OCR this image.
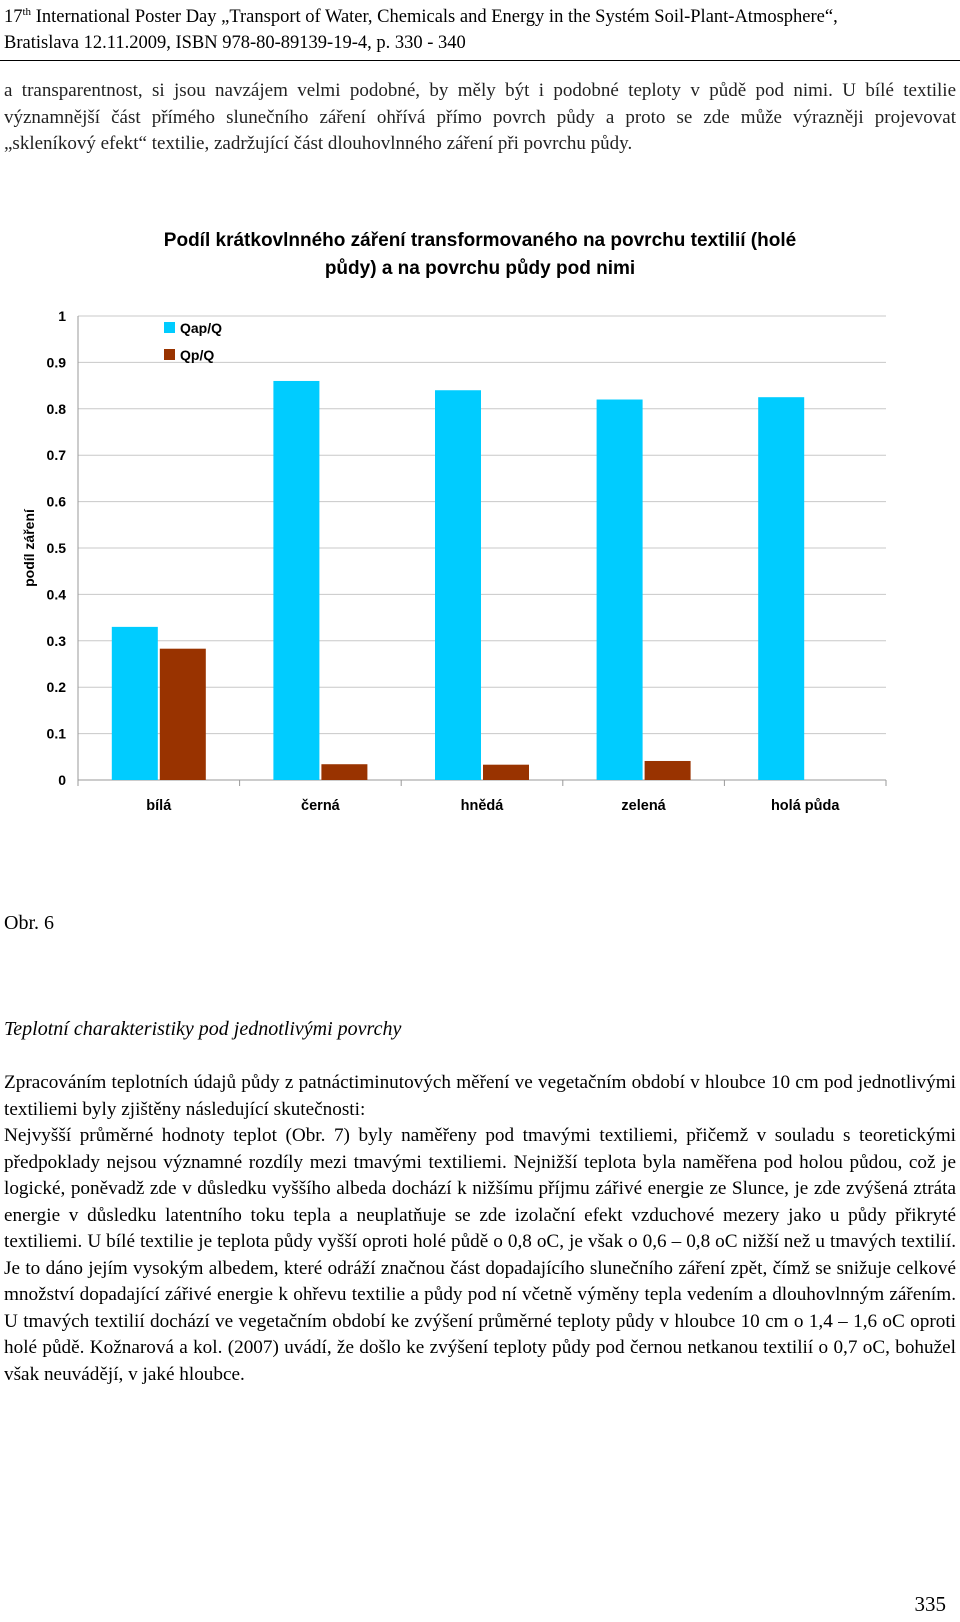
17th International Poster Day „Transport of Water, Chemicals and Energy in the Systém Soil-Plant-Atmosphere“,
Bratislava 12.11.2009, ISBN 978-80-89139-19-4, p. 330 - 340

a transparentnost, si jsou navzájem velmi podobné, by měly být i podobné teploty v půdě pod nimi. U bílé textilie významnější část přímého slunečního záření ohřívá přímo povrch půdy a proto se zde může výrazněji projevovat „skleníkový efekt“ textilie, zadržující část dlouhovlnného záření při povrchu půdy.

Podíl krátkovlnného záření transformovaného na povrchu textilií (holé
půdy) a na povrchu půdy pod nimi
podíl záření
0
0.1
0.2
0.3
0.4
0.5
0.6
0.7
0.8
0.9
1
bílá	černá	hnědá	zelená	holá půda
Qap/Q
Qp/Q
Obr. 6
Teplotní charakteristiky pod jednotlivými povrchy
Zpracováním teplotních údajů půdy z patnáctiminutových měření ve vegetačním období v hloubce 10 cm pod jednotlivými textiliemi byly zjištěny následující skutečnosti:
Nejvyšší průměrné hodnoty teplot (Obr. 7) byly naměřeny pod tmavými textiliemi, přičemž v souladu s teoretickými předpoklady nejsou významné rozdíly mezi tmavými textiliemi. Nejnižší teplota byla naměřena pod holou půdou, což je logické, poněvadž zde v důsledku vyššího albeda dochází k nižšímu příjmu zářivé energie ze Slunce, je zde zvýšená ztráta energie v důsledku latentního toku tepla a neuplatňuje se zde izolační efekt vzduchové mezery jako u půdy přikryté textiliemi. U bílé textilie je teplota půdy vyšší oproti holé půdě o 0,8 oC, je však o 0,6 – 0,8 oC nižší než u tmavých textilií. Je to dáno jejím vysokým albedem, které odráží značnou část dopadajícího slunečního záření zpět, čímž se snižuje celkové množství dopadající zářivé energie k ohřevu textilie a půdy pod ní včetně výměny tepla vedením a dlouhovlnným zářením. U tmavých textilií dochází ve vegetačním období ke zvýšení průměrné teploty půdy v hloubce 10 cm o 1,4 – 1,6 oC oproti holé půdě. Kožnarová a kol. (2007) uvádí, že došlo ke zvýšení teploty půdy pod černou netkanou textilií o 0,7 oC, bohužel však neuvádějí, v jaké hloubce.
335
